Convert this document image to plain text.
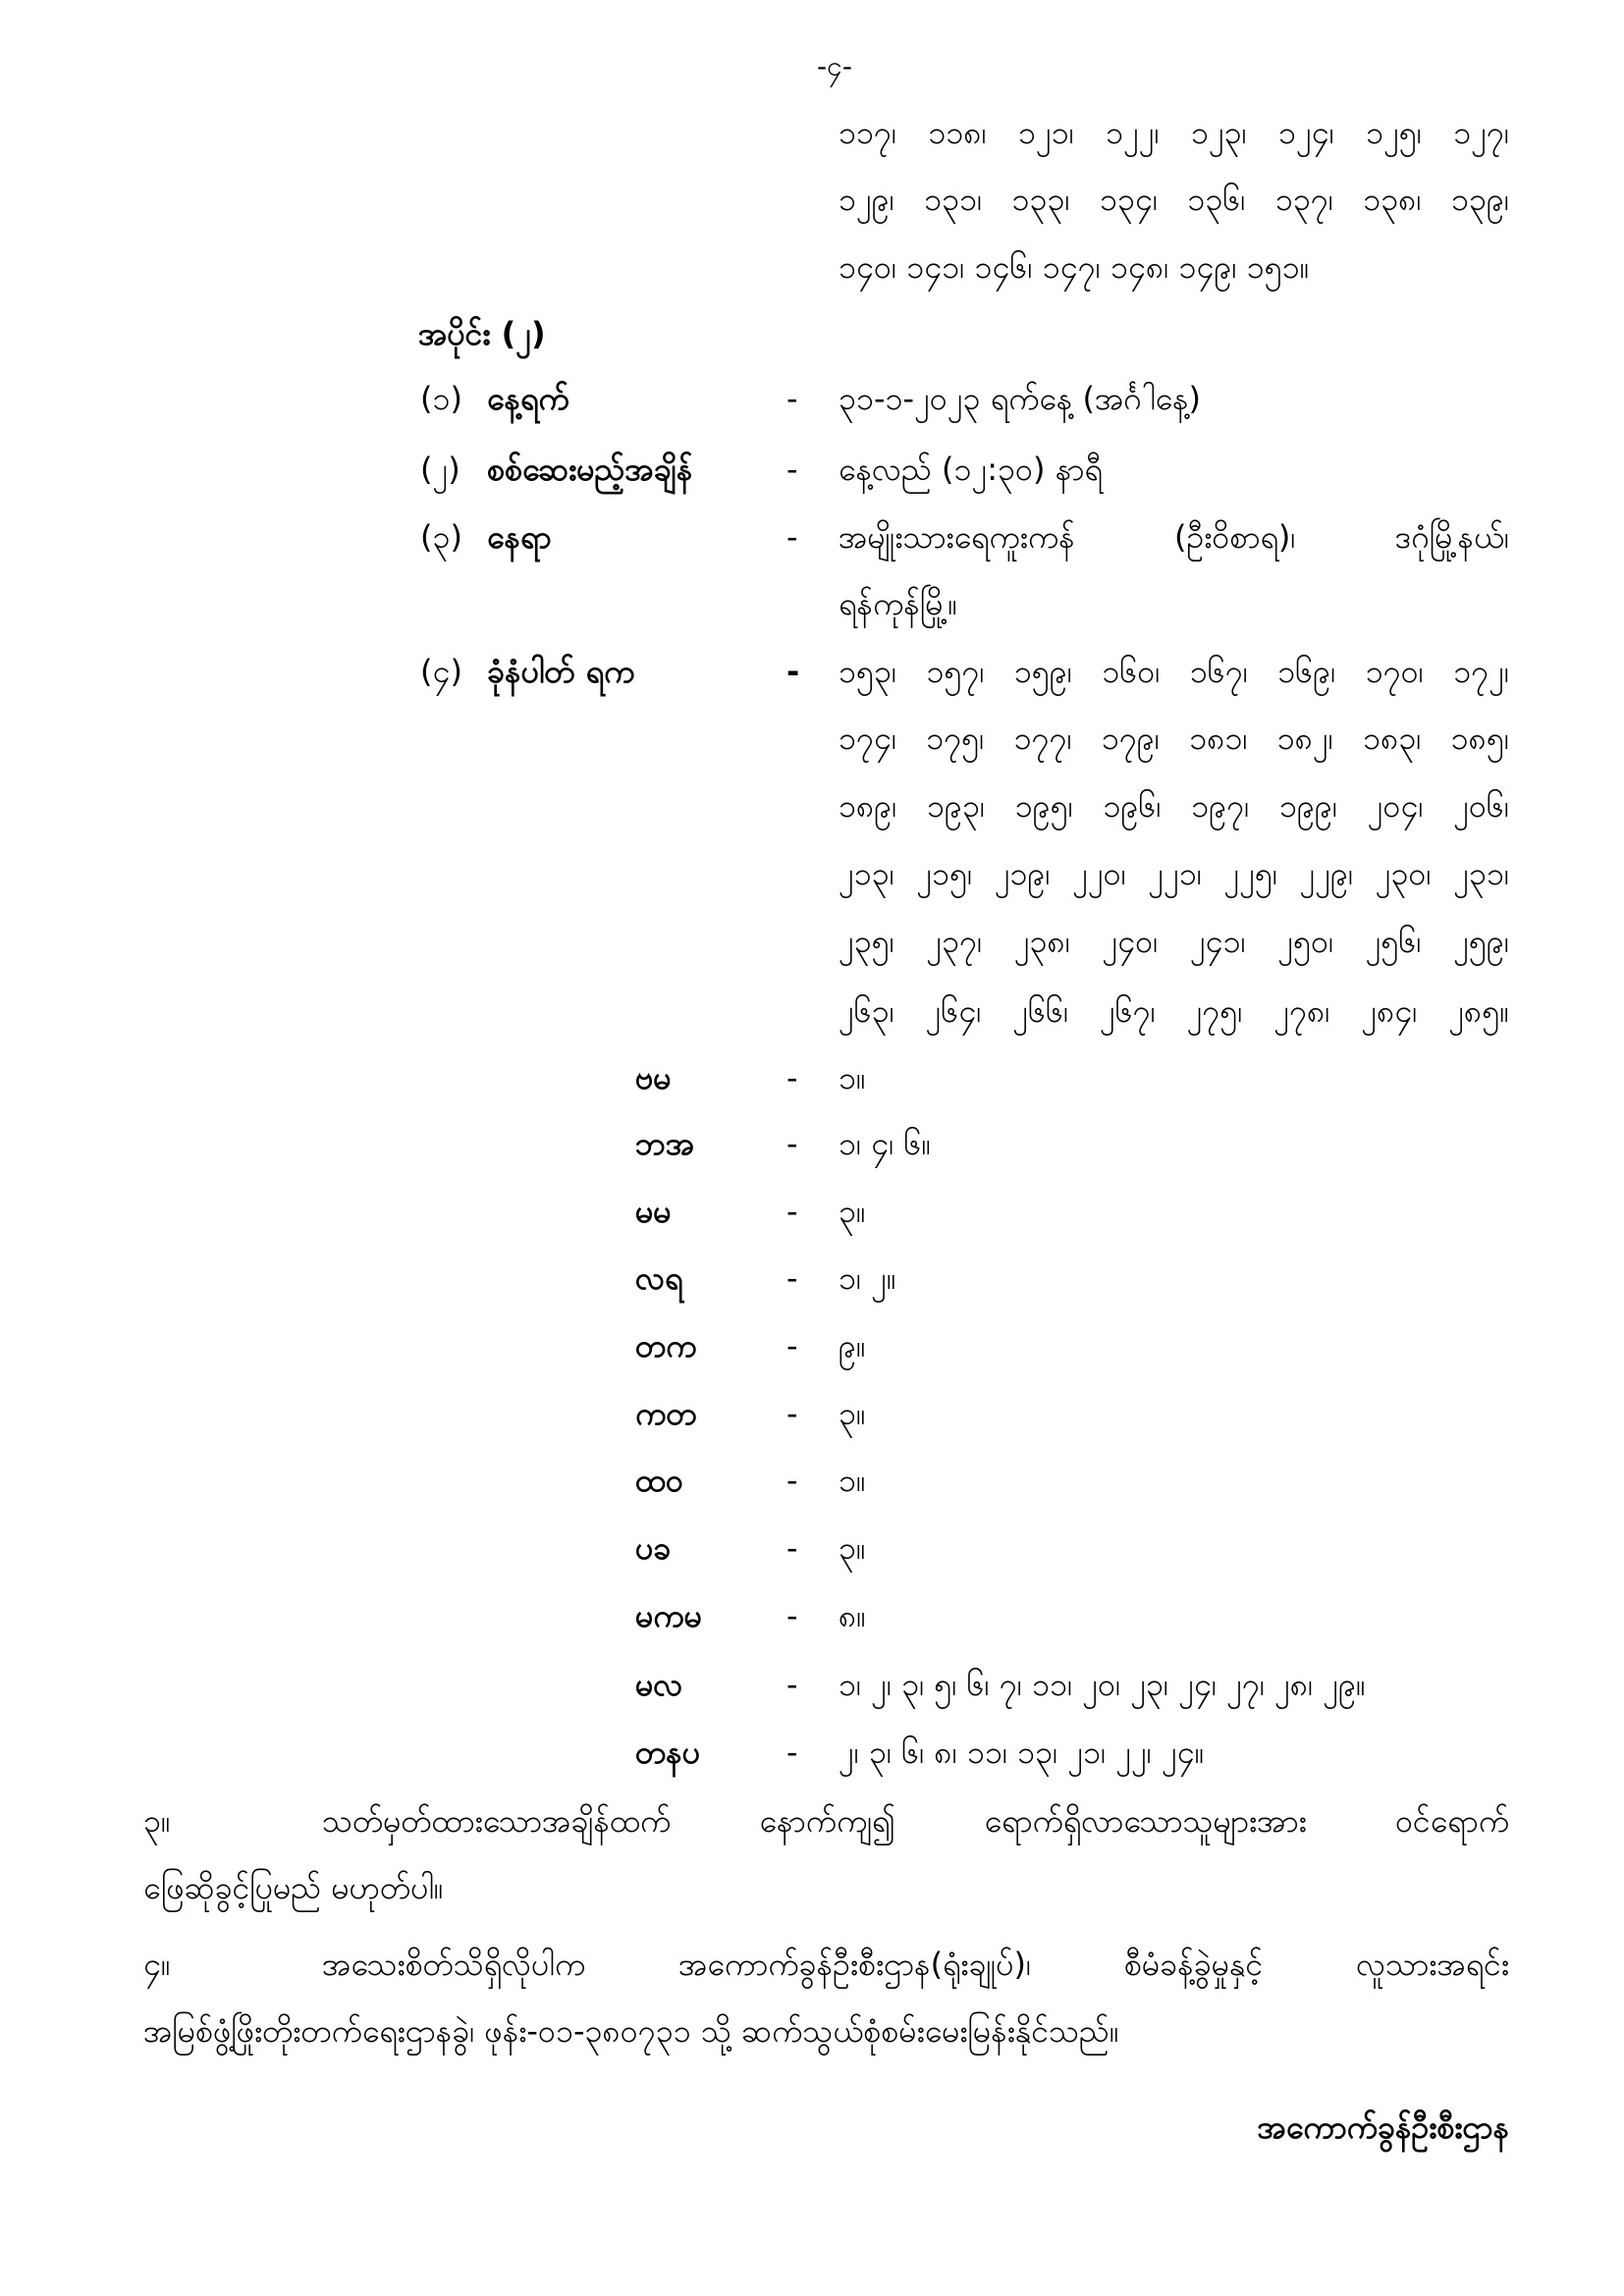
-၄-
၁၁၇၊ ၁၁၈၊ ၁၂၁၊ ၁၂၂၊ ၁၂၃၊ ၁၂၄၊ ၁၂၅၊ ၁၂၇၊
၁၂၉၊ ၁၃၁၊ ၁၃၃၊ ၁၃၄၊ ၁၃၆၊ ၁၃၇၊ ၁၃၈၊ ၁၃၉၊
၁၄၀၊ ၁၄၁၊ ၁၄၆၊ ၁၄၇၊ ၁၄၈၊ ၁၄၉၊ ၁၅၁။
အပိုင်း (၂)
(၁) နေ့ရက်	-	၃၁-၁-၂၀၂၃ ရက်နေ့ (အင်္ဂါနေ့)
(၂) စစ်ဆေးမည့်အချိန်	-	နေ့လည် (၁၂:၃၀) နာရီ
(၃) နေရာ	-	အမျိုးသားရေကူးကန် (ဦးဝိစာရ)၊ ဒဂုံမြို့နယ်၊
ရန်ကုန်မြို့။
(၄) ခုံနံပါတ် ရက	-	၁၅၃၊ ၁၅၇၊ ၁၅၉၊ ၁၆၀၊ ၁၆၇၊ ၁၆၉၊ ၁၇၀၊ ၁၇၂၊
၁၇၄၊ ၁၇၅၊ ၁၇၇၊ ၁၇၉၊ ၁၈၁၊ ၁၈၂၊ ၁၈၃၊ ၁၈၅၊
၁၈၉၊ ၁၉၃၊ ၁၉၅၊ ၁၉၆၊ ၁၉၇၊ ၁၉၉၊ ၂၀၄၊ ၂၀၆၊
၂၁၃၊ ၂၁၅၊ ၂၁၉၊ ၂၂၀၊ ၂၂၁၊ ၂၂၅၊ ၂၂၉၊ ၂၃၀၊ ၂၃၁၊
၂၃၅၊ ၂၃၇၊ ၂၃၈၊ ၂၄၀၊ ၂၄၁၊ ၂၅၀၊ ၂၅၆၊ ၂၅၉၊
၂၆၃၊ ၂၆၄၊ ၂၆၆၊ ၂၆၇၊ ၂၇၅၊ ၂၇၈၊ ၂၈၄၊ ၂၈၅။
ဗမ	-	၁။
ဘအ	-	၁၊ ၄၊ ၆။
မမ	-	၃။
လရ	-	၁၊ ၂။
တက	-	၉။
ကတ	-	၃။
ထဝ	-	၁။
ပခ	-	၃။
မကမ	-	၈။
မလ	-	၁၊ ၂၊ ၃၊ ၅၊ ၆၊ ၇၊ ၁၁၊ ၂၀၊ ၂၃၊ ၂၄၊ ၂၇၊ ၂၈၊ ၂၉။
တနပ	-	၂၊ ၃၊ ၆၊ ၈၊ ၁၁၊ ၁၃၊ ၂၁၊ ၂၂၊ ၂၄။
၃။	သတ်မှတ်ထားသောအချိန်ထက် နောက်ကျ၍ ရောက်ရှိလာသောသူများအား ဝင်ရောက်
ဖြေဆိုခွင့်ပြုမည် မဟုတ်ပါ။
၄။	အသေးစိတ်သိရှိလိုပါက အကောက်ခွန်ဦးစီးဌာန(ရုံးချုပ်)၊ စီမံခန့်ခွဲမှုနှင့် လူသားအရင်း
အမြစ်ဖွံ့ဖြိုးတိုးတက်ရေးဌာနခွဲ၊ ဖုန်း-၀၁-၃၈၀၇၃၁ သို့ ဆက်သွယ်စုံစမ်းမေးမြန်းနိုင်သည်။
အကောက်ခွန်ဦးစီးဌာန
